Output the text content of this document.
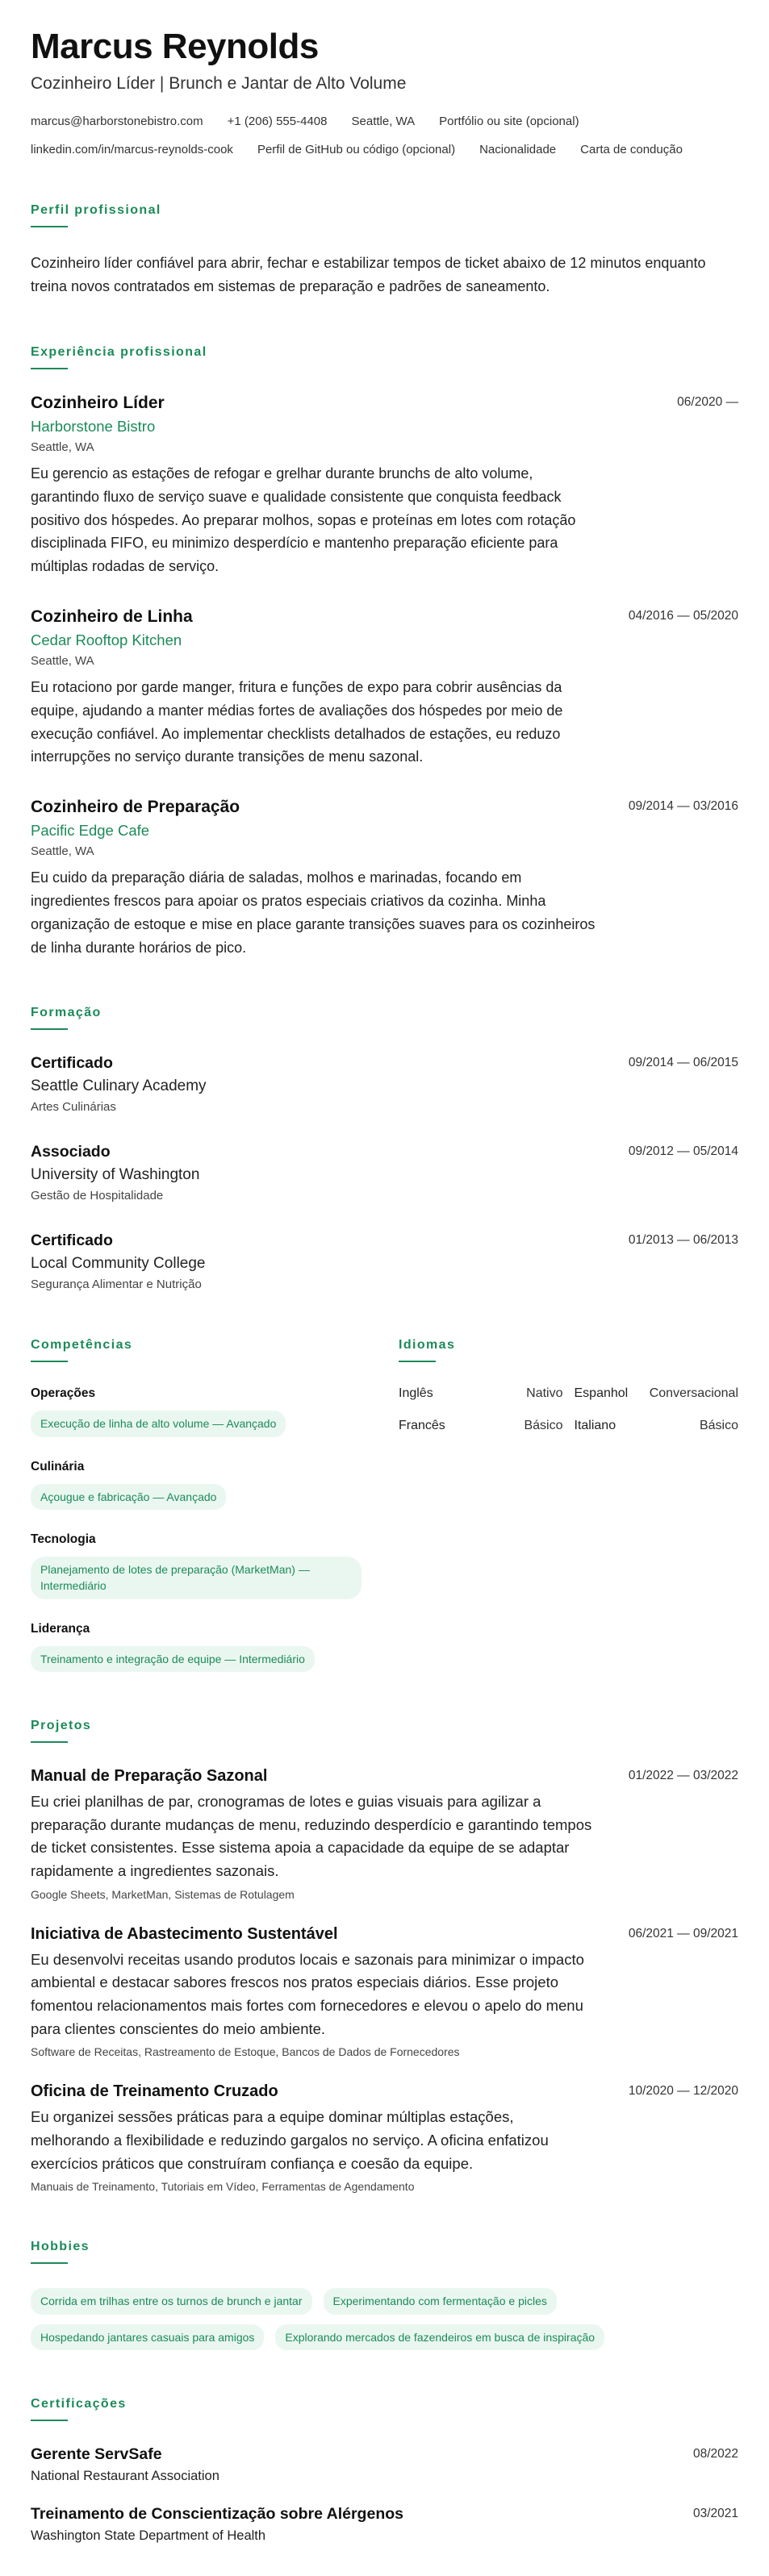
Marcus Reynolds
Cozinheiro Líder | Brunch e Jantar de Alto Volume
marcus@harborstonebistro.com +1 (206) 555-4408 Seattle, WA Portfólio ou site (opcional)
linkedin.com/in/marcus-reynolds-cook Perfil de GitHub ou código (opcional) Nacionalidade Carta de condução
Perfil profissional

Cozinheiro líder confiável para abrir, fechar e estabilizar tempos de ticket abaixo de 12 minutos enquanto treina novos contratados em sistemas de preparação e padrões de saneamento.

Experiência profissional
06/2020 —
Cozinheiro Líder
Harborstone Bistro
Seattle, WA

Eu gerencio as estações de refogar e grelhar durante brunchs de alto volume, garantindo fluxo de serviço suave e qualidade consistente que conquista feedback positivo dos hóspedes. Ao preparar molhos, sopas e proteínas em lotes com rotação disciplinada FIFO, eu minimizo desperdício e mantenho preparação eficiente para múltiplas rodadas de serviço.

04/2016 — 05/2020
Cozinheiro de Linha
Cedar Rooftop Kitchen
Seattle, WA

Eu rotaciono por garde manger, fritura e funções de expo para cobrir ausências da equipe, ajudando a manter médias fortes de avaliações dos hóspedes por meio de execução confiável. Ao implementar checklists detalhados de estações, eu reduzo interrupções no serviço durante transições de menu sazonal.

09/2014 — 03/2016
Cozinheiro de Preparação
Pacific Edge Cafe
Seattle, WA

Eu cuido da preparação diária de saladas, molhos e marinadas, focando em ingredientes frescos para apoiar os pratos especiais criativos da cozinha. Minha organização de estoque e mise en place garante transições suaves para os cozinheiros de linha durante horários de pico.

Formação
09/2014 — 06/2015
Certificado
Seattle Culinary Academy
Artes Culinárias
09/2012 — 05/2014
Associado
University of Washington
Gestão de Hospitalidade
01/2013 — 06/2013
Certificado
Local Community College
Segurança Alimentar e Nutrição
Competências
Operações
Execução de linha de alto volume — Avançado
Culinária
Açougue e fabricação — Avançado
Tecnologia
Planejamento de lotes de preparação (MarketMan) — Intermediário
Liderança
Treinamento e integração de equipe — Intermediário
Idiomas
Inglês	Nativo Espanhol Conversacional
Francês	Básico Italiano	Básico
Projetos
01/2022 — 03/2022
Manual de Preparação Sazonal

Eu criei planilhas de par, cronogramas de lotes e guias visuais para agilizar a preparação durante mudanças de menu, reduzindo desperdício e garantindo tempos de ticket consistentes. Esse sistema apoia a capacidade da equipe de se adaptar rapidamente a ingredientes sazonais.

Google Sheets, MarketMan, Sistemas de Rotulagem
06/2021 — 09/2021
Iniciativa de Abastecimento Sustentável

Eu desenvolvi receitas usando produtos locais e sazonais para minimizar o impacto ambiental e destacar sabores frescos nos pratos especiais diários. Esse projeto fomentou relacionamentos mais fortes com fornecedores e elevou o apelo do menu para clientes conscientes do meio ambiente.

Software de Receitas, Rastreamento de Estoque, Bancos de Dados de Fornecedores
10/2020 — 12/2020
Oficina de Treinamento Cruzado

Eu organizei sessões práticas para a equipe dominar múltiplas estações, melhorando a flexibilidade e reduzindo gargalos no serviço. A oficina enfatizou exercícios práticos que construíram confiança e coesão da equipe.

Manuais de Treinamento, Tutoriais em Vídeo, Ferramentas de Agendamento
Hobbies
Corrida em trilhas entre os turnos de brunch e jantar	Experimentando com fermentação e picles
Hospedando jantares casuais para amigos	Explorando mercados de fazendeiros em busca de inspiração
Certificações
08/2022
Gerente ServSafe
National Restaurant Association
03/2021
Treinamento de Conscientização sobre Alérgenos
Washington State Department of Health
